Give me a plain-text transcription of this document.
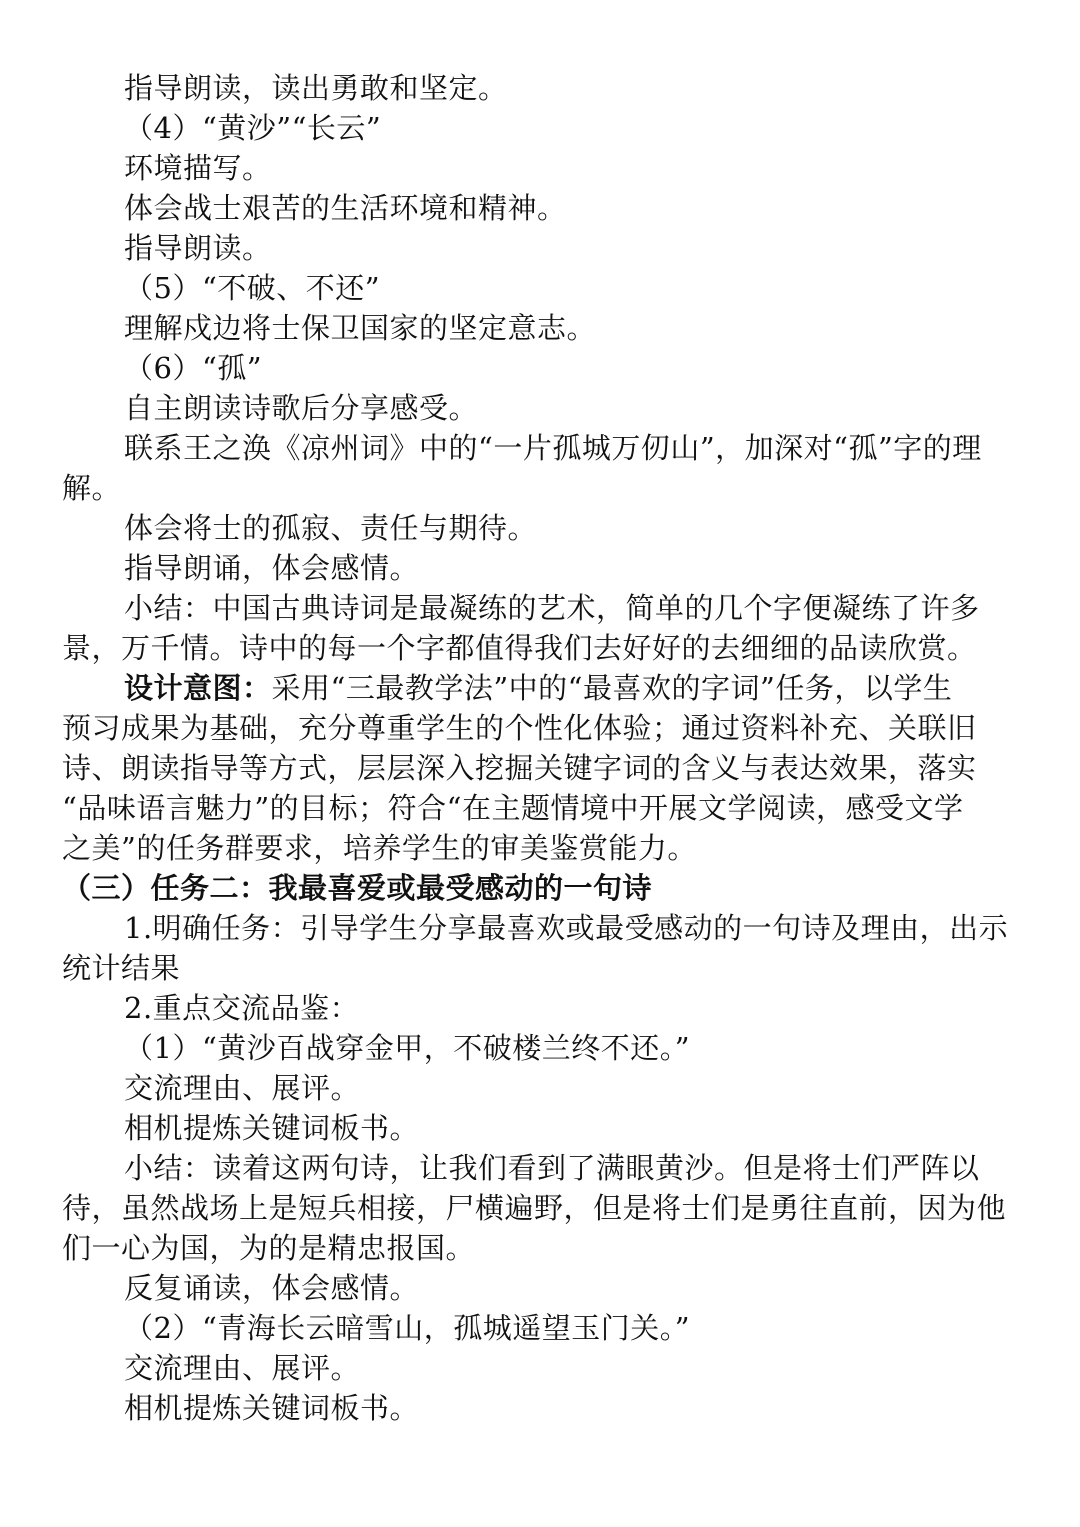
指导朗读，读出勇敢和坚定。
（4）“黄沙”“长云”
环境描写。
体会战士艰苦的生活环境和精神。
指导朗读。
（5）“不破、不还”
理解戍边将士保卫国家的坚定意志。
（6）“孤”
自主朗读诗歌后分享感受。
联系王之涣《凉州词》中的“一片孤城万仞山”，加深对“孤”字的理
解。
体会将士的孤寂、责任与期待。
指导朗诵，体会感情。
小结：中国古典诗词是最凝练的艺术，简单的几个字便凝练了许多
景，万千情。诗中的每一个字都值得我们去好好的去细细的品读欣赏。
设计意图：采用“三最教学法”中的“最喜欢的字词”任务，以学生
预习成果为基础，充分尊重学生的个性化体验；通过资料补充、关联旧
诗、朗读指导等方式，层层深入挖掘关键字词的含义与表达效果，落实
“品味语言魅力”的目标；符合“在主题情境中开展文学阅读，感受文学
之美”的任务群要求，培养学生的审美鉴赏能力。
（三）任务二：我最喜爱或最受感动的一句诗
1.明确任务：引导学生分享最喜欢或最受感动的一句诗及理由，出示
统计结果
2.重点交流品鉴：
（1）“黄沙百战穿金甲，不破楼兰终不还。”
交流理由、展评。
相机提炼关键词板书。
小结：读着这两句诗，让我们看到了满眼黄沙。但是将士们严阵以
待，虽然战场上是短兵相接，尸横遍野，但是将士们是勇往直前，因为他
们一心为国，为的是精忠报国。
反复诵读，体会感情。
（2）“青海长云暗雪山，孤城遥望玉门关。”
交流理由、展评。
相机提炼关键词板书。
